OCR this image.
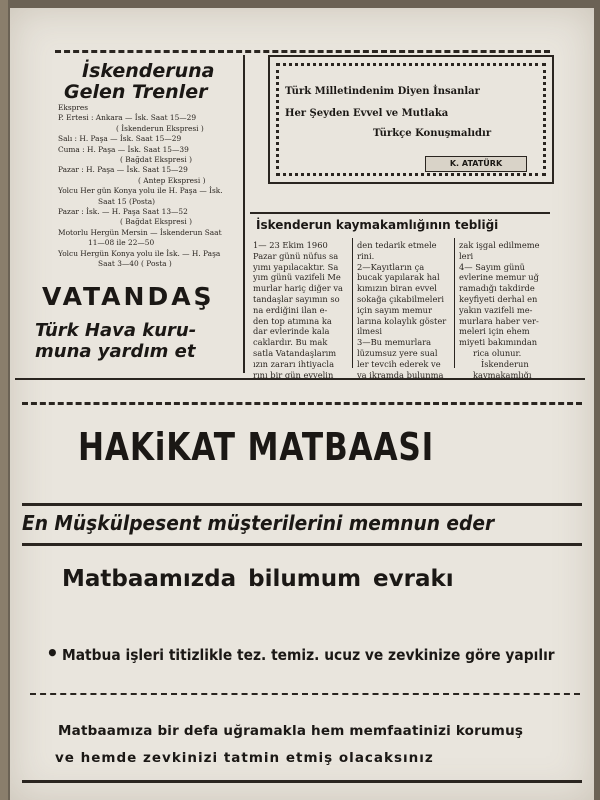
İskenderuna
Gelen Trenler
Ekspres
P. Ertesi : Ankara — İsk. Saat 15—29
( İskenderun Ekspresi )
Salı : H. Paşa — İsk. Saat 15—29
Cuma : H. Paşa — İsk. Saat 15—39
( Bağdat Ekspresi )
Pazar : H. Paşa — İsk. Saat 15—29
( Antep Ekspresi )
Yolcu Her gün Konya yolu ile H. Paşa — İsk.
Saat 15 (Posta)
Pazar : İsk. — H. Paşa Saat 13—52
( Bağdat Ekspresi )
Motorlu Hergün Mersin — İskenderun Saat
11—08 ile 22—50
Yolcu Hergün Konya yolu ile İsk. — H. Paşa
Saat 3—40 ( Posta )
VATANDAŞ
Türk Hava kuru-
muna yardım et
Türk Milletindenim Diyen İnsanlar
Her Şeyden Evvel ve Mutlaka
Türkçe Konuşmalıdır
K. ATATÜRK
İskenderun kaymakamlığının tebliği
1— 23 Ekim 1960
Pazar günü nüfus sa
yımı yapılacaktır. Sa
yım günü vazifeli Me
murlar hariç diğer va
tandaşlar sayımın so
na erdiğini ilan e-
den top atımına ka
dar evlerinde kala
caklardır. Bu mak
satla Vatandaşlarım
ızın zararı ihtiyacla
rını bir gün evvelin
den tedarik etmele
rini.
2—Kayıtların ça
bucak yapılarak hal
kımızın biran evvel
sokağa çıkabilmeleri
için sayım memur
larına kolaylık göster
ilmesi
3—Bu memurlara
lüzumsuz yere sual
ler tevcih ederek ve
ya ikramda bulunma
zak işgal edilmeme
leri
4— Sayım günü
evlerine memur uğ
ramadığı takdirde
keyfiyeti derhal en
yakın vazifeli me-
murlara haber ver-
meleri için ehem
miyeti bakımından
rica olunur.
İskenderun
kaymakamlığı
HAKiKAT MATBAASI
En Müşkülpesent müşterilerini memnun eder
Matbaamızda bilumum evrakı
• Matbua işleri titizlikle tez. temiz. ucuz ve zevkinize göre yapılır
Matbaamıza bir defa uğramakla hem memfaatinizi korumuş
ve hemde zevkinizi tatmin etmiş olacaksınız
